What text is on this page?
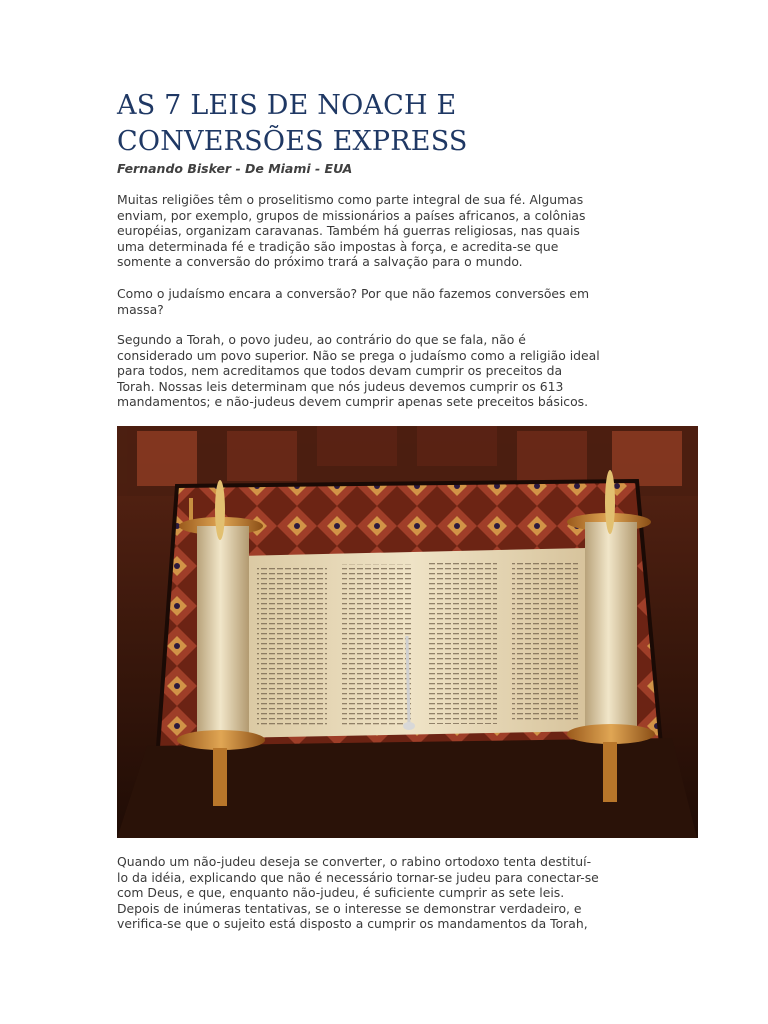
AS 7 LEIS DE NOACH E
CONVERSÕES EXPRESS

Fernando Bisker - De Miami - EUA

Muitas religiões têm o proselitismo como parte integral de sua fé. Algumas
enviam, por exemplo, grupos de missionários a países africanos, a colônias
européias, organizam caravanas. Também há guerras religiosas, nas quais
uma determinada fé e tradição são impostas à força, e acredita-se que
somente a conversão do próximo trará a salvação para o mundo.
Como o judaísmo encara a conversão? Por que não fazemos conversões em
massa?
Segundo a Torah, o povo judeu, ao contrário do que se fala, não é
considerado um povo superior. Não se prega o judaísmo como a religião ideal
para todos, nem acreditamos que todos devam cumprir os preceitos da
Torah. Nossas leis determinam que nós judeus devemos cumprir os 613
mandamentos; e não-judeus devem cumprir apenas sete preceitos básicos.
Quando um não-judeu deseja se converter, o rabino ortodoxo tenta destituí-
lo da idéia, explicando que não é necessário tornar-se judeu para conectar-se
com Deus, e que, enquanto não-judeu, é suficiente cumprir as sete leis.
Depois de inúmeras tentativas, se o interesse se demonstrar verdadeiro, e
verifica-se que o sujeito está disposto a cumprir os mandamentos da Torah,
